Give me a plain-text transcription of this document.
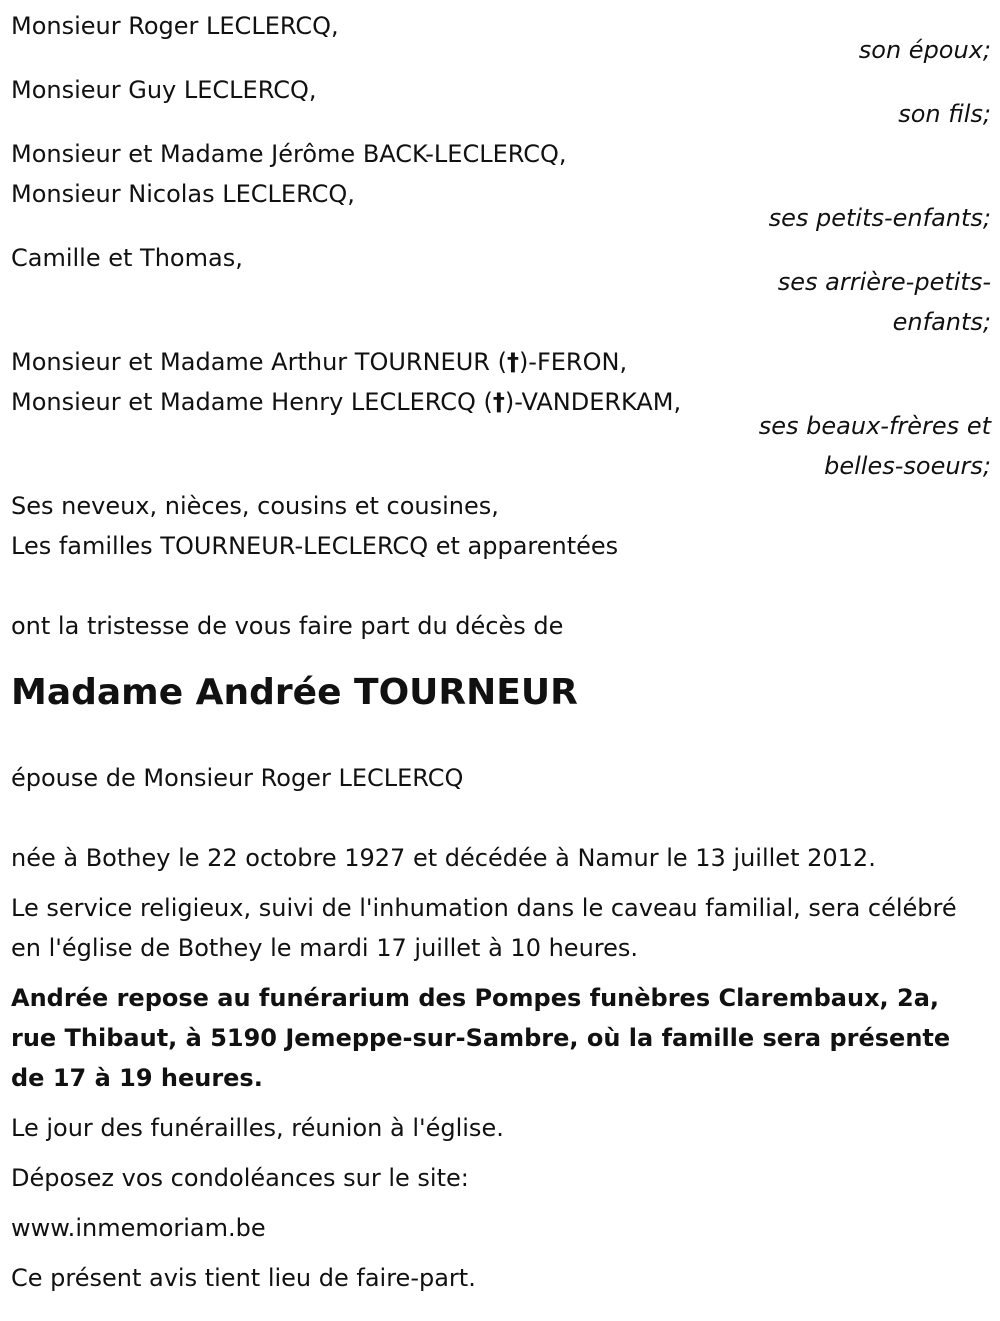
Monsieur Roger LECLERCQ,
son époux;
Monsieur Guy LECLERCQ,
son fils;
Monsieur et Madame Jérôme BACK-LECLERCQ,
Monsieur Nicolas LECLERCQ,
ses petits-enfants;
Camille et Thomas,
ses arrière-petits-
enfants;
Monsieur et Madame Arthur TOURNEUR (†)-FERON,
Monsieur et Madame Henry LECLERCQ (†)-VANDERKAM,
ses beaux-frères et
belles-soeurs;
Ses neveux, nièces, cousins et cousines,
Les familles TOURNEUR-LECLERCQ et apparentées
ont la tristesse de vous faire part du décès de
Madame Andrée TOURNEUR
épouse de Monsieur Roger LECLERCQ
née à Bothey le 22 octobre 1927 et décédée à Namur le 13 juillet 2012.
Le service religieux, suivi de l'inhumation dans le caveau familial, sera célébré en l'église de Bothey le mardi 17 juillet à 10 heures.
Andrée repose au funérarium des Pompes funèbres Clarembaux, 2a, rue Thibaut, à 5190 Jemeppe-sur-Sambre, où la famille sera présente de 17 à 19 heures.
Le jour des funérailles, réunion à l'église.
Déposez vos condoléances sur le site:
www.inmemoriam.be
Ce présent avis tient lieu de faire-part.
